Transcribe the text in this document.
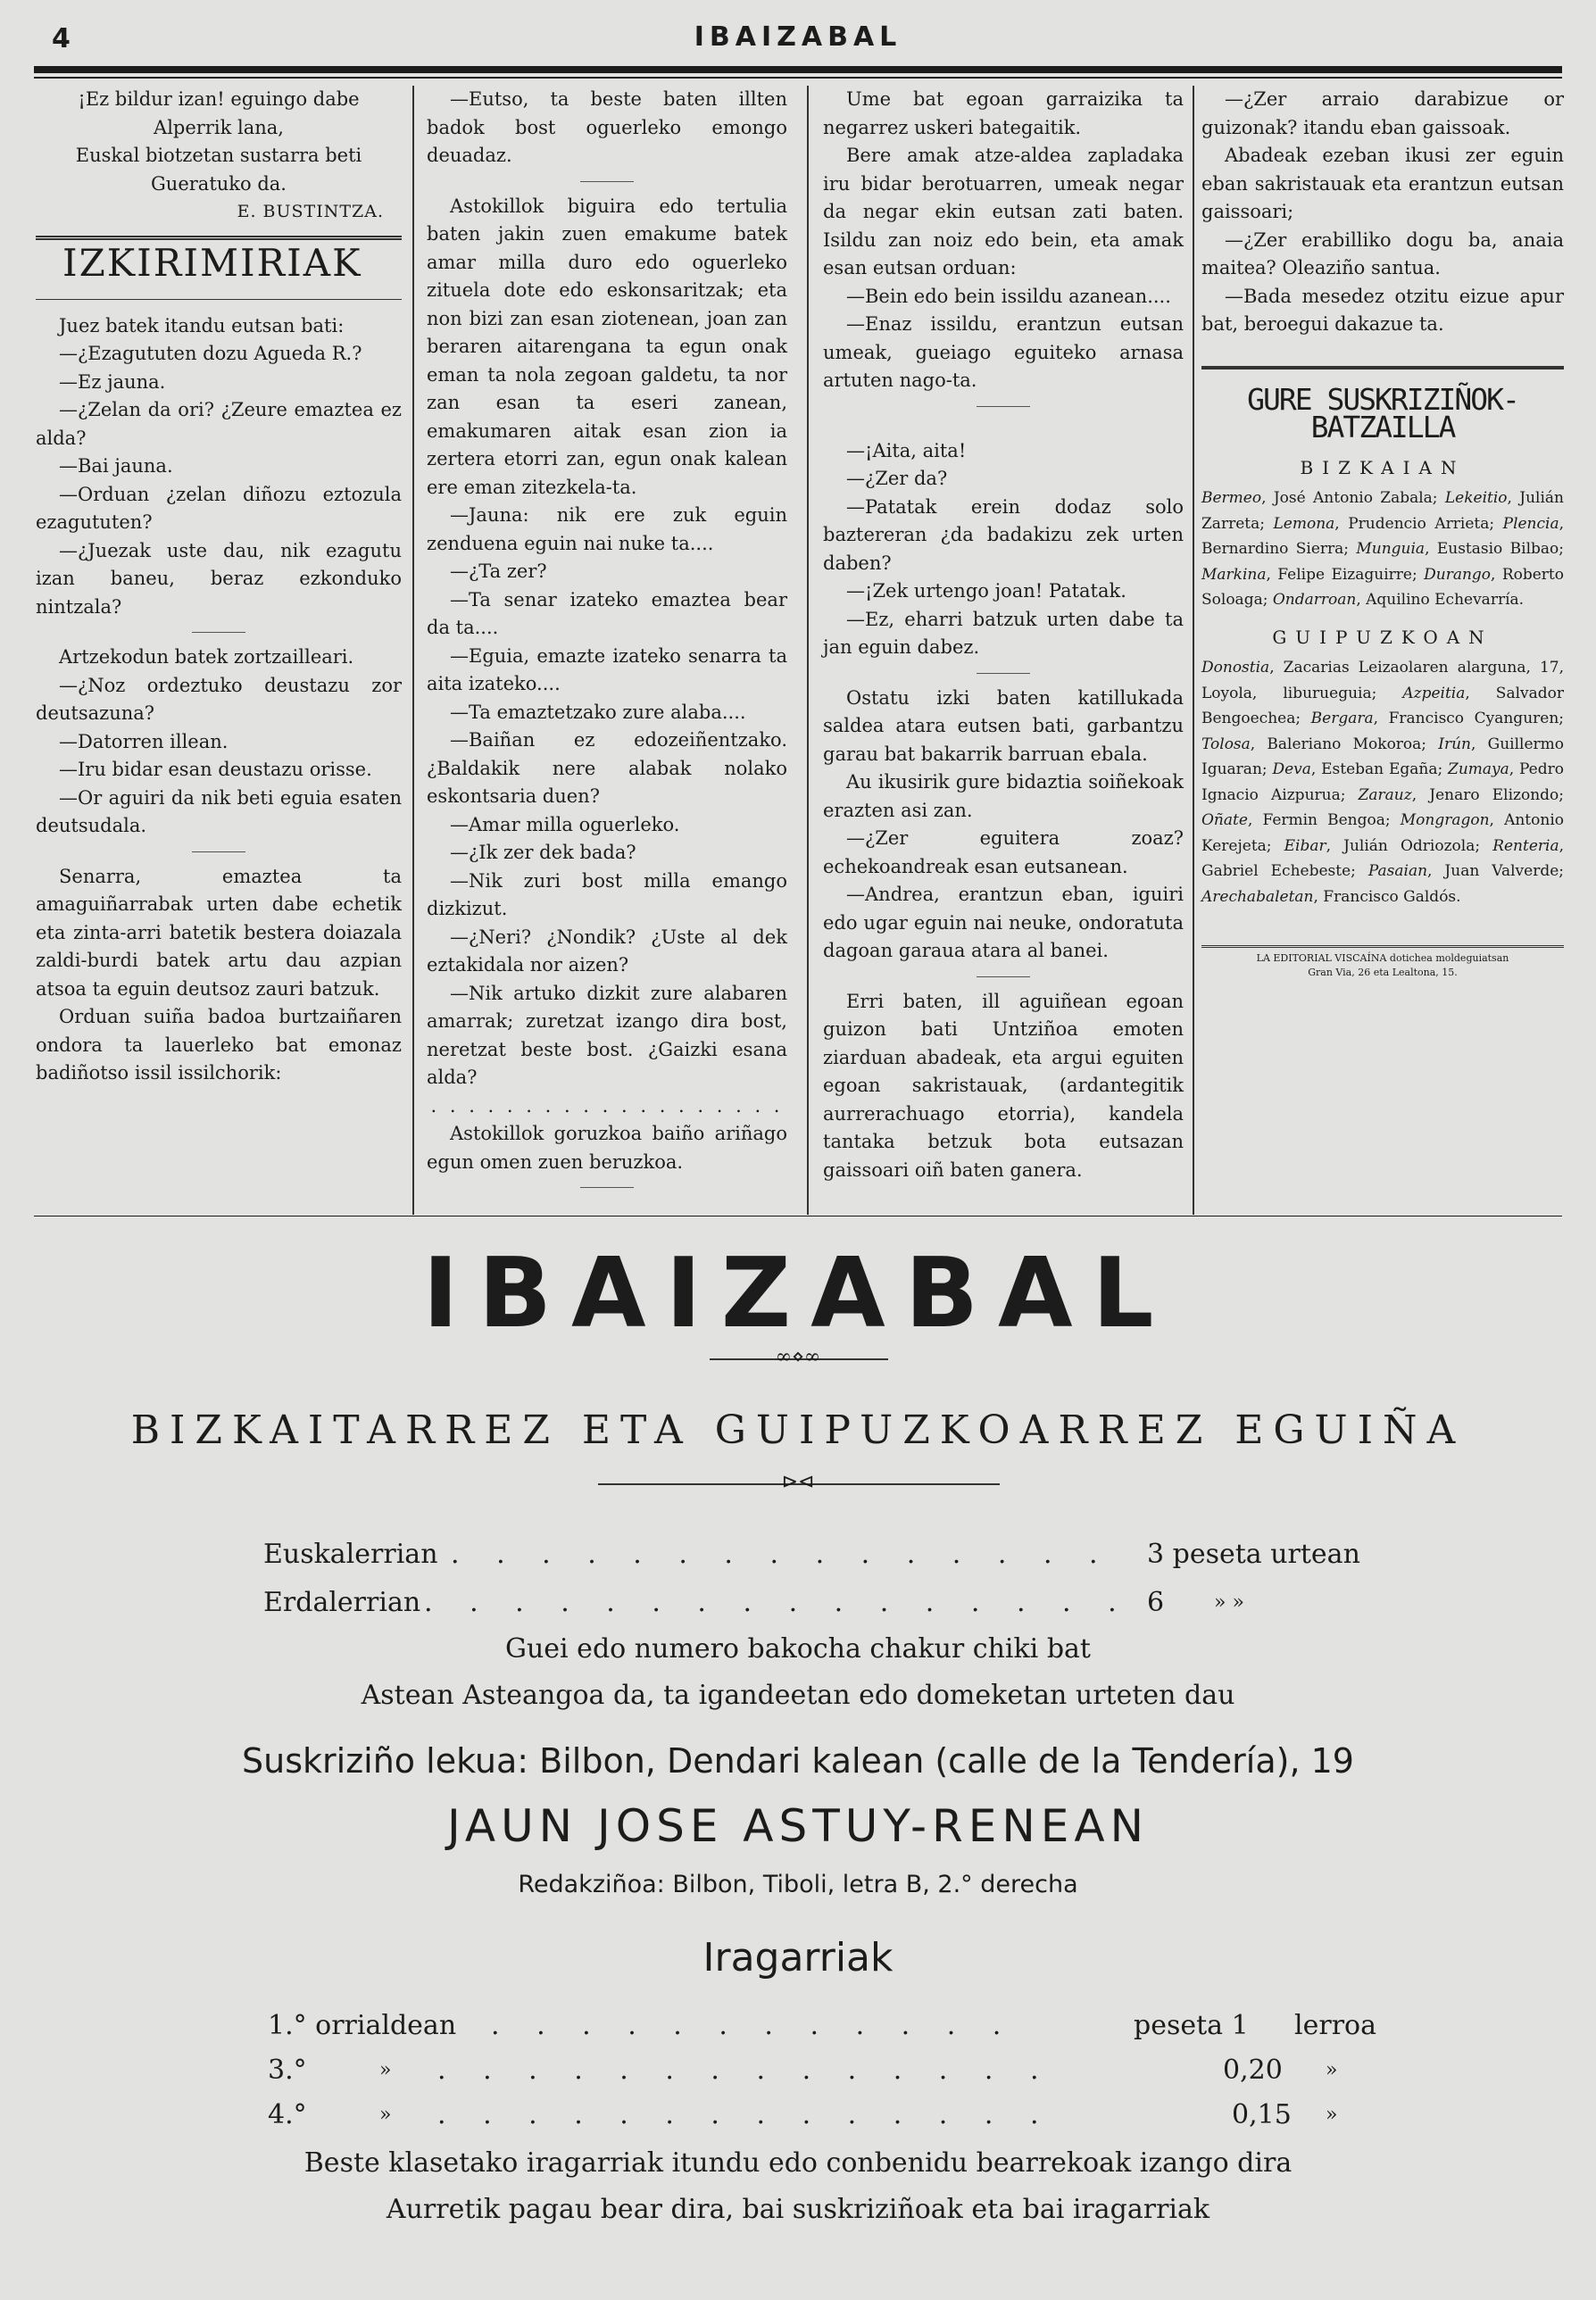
4	IBAIZABAL
¡Ez bildur izan! eguingo dabe
Alperrik lana,
Euskal biotzetan sustarra beti
Gueratuko da.
E. BUSTINTZA.
IZKIRIMIRIAK

Juez batek itandu eutsan bati:

—¿Ezagututen dozu Agueda R.?

—Ez jauna.

—¿Zelan da ori? ¿Zeure emaztea ez alda?

—Bai jauna.

—Orduan ¿zelan diñozu eztozula ezagututen?

—¿Juezak uste dau, nik ezagutu izan baneu, beraz ezkonduko nintzala?

Artzekodun batek zortzailleari.

—¿Noz ordeztuko deustazu zor deutsazuna?

—Datorren illean.

—Iru bidar esan deustazu orisse.

—Or aguiri da nik beti eguia esaten deutsudala.

Senarra, emaztea ta amaguiñarrabak urten dabe echetik eta zinta-arri batetik bestera doiazala zaldi-burdi batek artu dau azpian atsoa ta eguin deutsoz zauri batzuk.

Orduan suiña badoa burtzaiñaren ondora ta lauerleko bat emonaz badiñotso issil issilchorik:

—Eutso, ta beste baten illten badok bost oguerleko emongo deuadaz.

Astokillok biguira edo tertulia baten jakin zuen emakume batek amar milla duro edo oguerleko zituela dote edo eskonsaritzak; eta non bizi zan esan ziotenean, joan zan beraren aitarengana ta egun onak eman ta nola zegoan galdetu, ta nor zan esan ta eseri zanean, emakumaren aitak esan zion ia zertera etorri zan, egun onak kalean ere eman zitezkela-ta.

—Jauna: nik ere zuk eguin zenduena eguin nai nuke ta....

—¿Ta zer?

—Ta senar izateko emaztea bear da ta....

—Eguia, emazte izateko senarra ta aita izateko....

—Ta emaztetzako zure alaba....

—Baiñan ez edozeiñentzako. ¿Baldakik nere alabak nolako eskontsaria duen?

—Amar milla oguerleko.

—¿Ik zer dek bada?

—Nik zuri bost milla emango dizkizut.

—¿Neri? ¿Nondik? ¿Uste al dek eztakidala nor aizen?

—Nik artuko dizkit zure alabaren amarrak; zuretzat izango dira bost, neretzat beste bost. ¿Gaizki esana alda?

. . . . . . . . . . . . . . . . . . .

Astokillok goruzkoa baiño ariñago egun omen zuen beruzkoa.

Ume bat egoan garraizika ta negarrez uskeri bategaitik.

Bere amak atze-aldea zapladaka iru bidar berotuarren, umeak negar da negar ekin eutsan zati baten. Isildu zan noiz edo bein, eta amak esan eutsan orduan:

—Bein edo bein issildu azanean....

—Enaz issildu, erantzun eutsan umeak, gueiago eguiteko arnasa artuten nago-ta.

—¡Aita, aita!

—¿Zer da?

—Patatak erein dodaz solo baztereran ¿da badakizu zek urten daben?

—¡Zek urtengo joan! Patatak.

—Ez, eharri batzuk urten dabe ta jan eguin dabez.

Ostatu izki baten katillukada saldea atara eutsen bati, garbantzu garau bat bakarrik barruan ebala.

Au ikusirik gure bidaztia soiñekoak erazten asi zan.

—¿Zer eguitera zoaz? echekoandreak esan eutsanean.

—Andrea, erantzun eban, iguiri edo ugar eguin nai neuke, ondoratuta dagoan garaua atara al banei.

Erri baten, ill aguiñean egoan guizon bati Untziñoa emoten ziarduan abadeak, eta argui eguiten egoan sakristauak, (ardantegitik aurrerachuago etorria), kandela tantaka betzuk bota eutsazan gaissoari oiñ baten ganera.

—¿Zer arraio darabizue or guizonak? itandu eban gaissoak.

Abadeak ezeban ikusi zer eguin eban sakristauak eta erantzun eutsan gaissoari;

—¿Zer erabilliko dogu ba, anaia maitea? Oleaziño santua.

—Bada mesedez otzitu eizue apur bat, beroegui dakazue ta.

GURE SUSKRIZIÑOK-BATZAILLA
BIZKAIAN
Bermeo, José Antonio Zabala; Lekeitio, Julián Zarreta; Lemona, Prudencio Arrieta; Plencia, Bernardino Sierra; Munguia, Eustasio Bilbao; Markina, Felipe Eizaguirre; Durango, Roberto Soloaga; Ondarroan, Aquilino Echevarría.
GUIPUZKOAN
Donostia, Zacarias Leizaolaren alarguna, 17, Loyola, liburueguia; Azpeitia, Salvador Bengoechea; Bergara, Francisco Cyanguren; Tolosa, Baleriano Mokoroa; Irún, Guillermo Iguaran; Deva, Esteban Egaña; Zumaya, Pedro Ignacio Aizpurua; Zarauz, Jenaro Elizondo; Oñate, Fermin Bengoa; Mongragon, Antonio Kerejeta; Eibar, Julián Odriozola; Renteria, Gabriel Echebeste; Pasaian, Juan Valverde; Arechabaletan, Francisco Galdós.
LA EDITORIAL VISCAÍNA dotichea moldeguiatsan
Gran Via, 26 eta Lealtona, 15.
IBAIZABAL
∞⋄∞
BIZKAITARREZ ETA GUIPUZKOARREZ EGUIÑA
⊳⊲
Euskalerrian . . . . . . . . . . . . . . . 3 peseta urtean
Erdalerrian . . . . . . . . . . . . . . . . 6	» »
Guei edo numero bakocha chakur chiki bat
Astean Asteangoa da, ta igandeetan edo domeketan urteten dau
Suskriziño lekua: Bilbon, Dendari kalean (calle de la Tendería), 19
JAUN JOSE ASTUY-RENEAN
Redakziñoa: Bilbon, Tiboli, letra B, 2.° derecha
Iragarriak
1.° orrialdean . . . . . . . . . . . .	peseta 1 lerroa
3.°	» . . . . . . . . . . . . . .	0,20 »
4.°	» . . . . . . . . . . . . . .	0,15 »
Beste klasetako iragarriak itundu edo conbenidu bearrekoak izango dira
Aurretik pagau bear dira, bai suskriziñoak eta bai iragarriak
